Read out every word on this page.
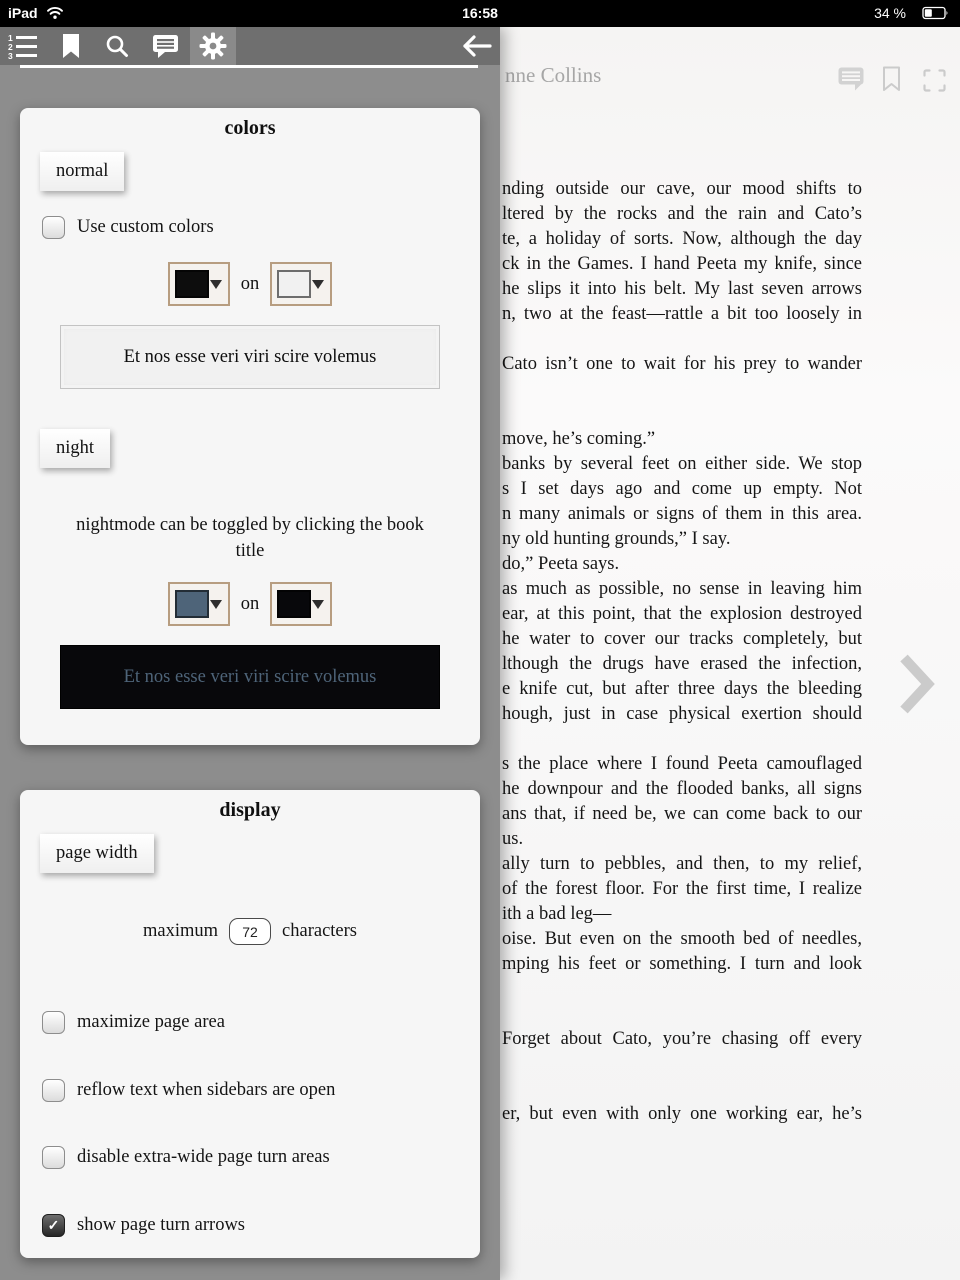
iPad	16:58	34 %
nne Collins
nding outside our cave, our mood shifts to
ltered by the rocks and the rain and Cato’s
te, a holiday of sorts. Now, although the day
ck in the Games. I hand Peeta my knife, since
he slips it into his belt. My last seven arrows
n, two at the feast—rattle a bit too loosely in
Cato isn’t one to wait for his prey to wander
move, he’s coming.”
banks by several feet on either side. We stop
s I set days ago and come up empty. Not
n many animals or signs of them in this area.
ny old hunting grounds,” I say.
do,” Peeta says.
as much as possible, no sense in leaving him
ear, at this point, that the explosion destroyed
he water to cover our tracks completely, but
lthough the drugs have erased the infection,
e knife cut, but after three days the bleeding
hough, just in case physical exertion should
s the place where I found Peeta camouflaged
he downpour and the flooded banks, all signs
ans that, if need be, we can come back to our
us.
ally turn to pebbles, and then, to my relief,
of the forest floor. For the first time, I realize
ith a bad leg—
oise. But even on the smooth bed of needles,
mping his feet or something. I turn and look
Forget about Cato, you’re chasing off every
er, but even with only one working ear, he’s
1
2
3
colors
normal
Use custom colors
on
Et nos esse veri viri scire volemus
night
nightmode can be toggled by clicking the book title
on
Et nos esse veri viri scire volemus
display
page width
maximum
72	characters
maximize page area
reflow text when sidebars are open
disable extra-wide page turn areas
✓ show page turn arrows
